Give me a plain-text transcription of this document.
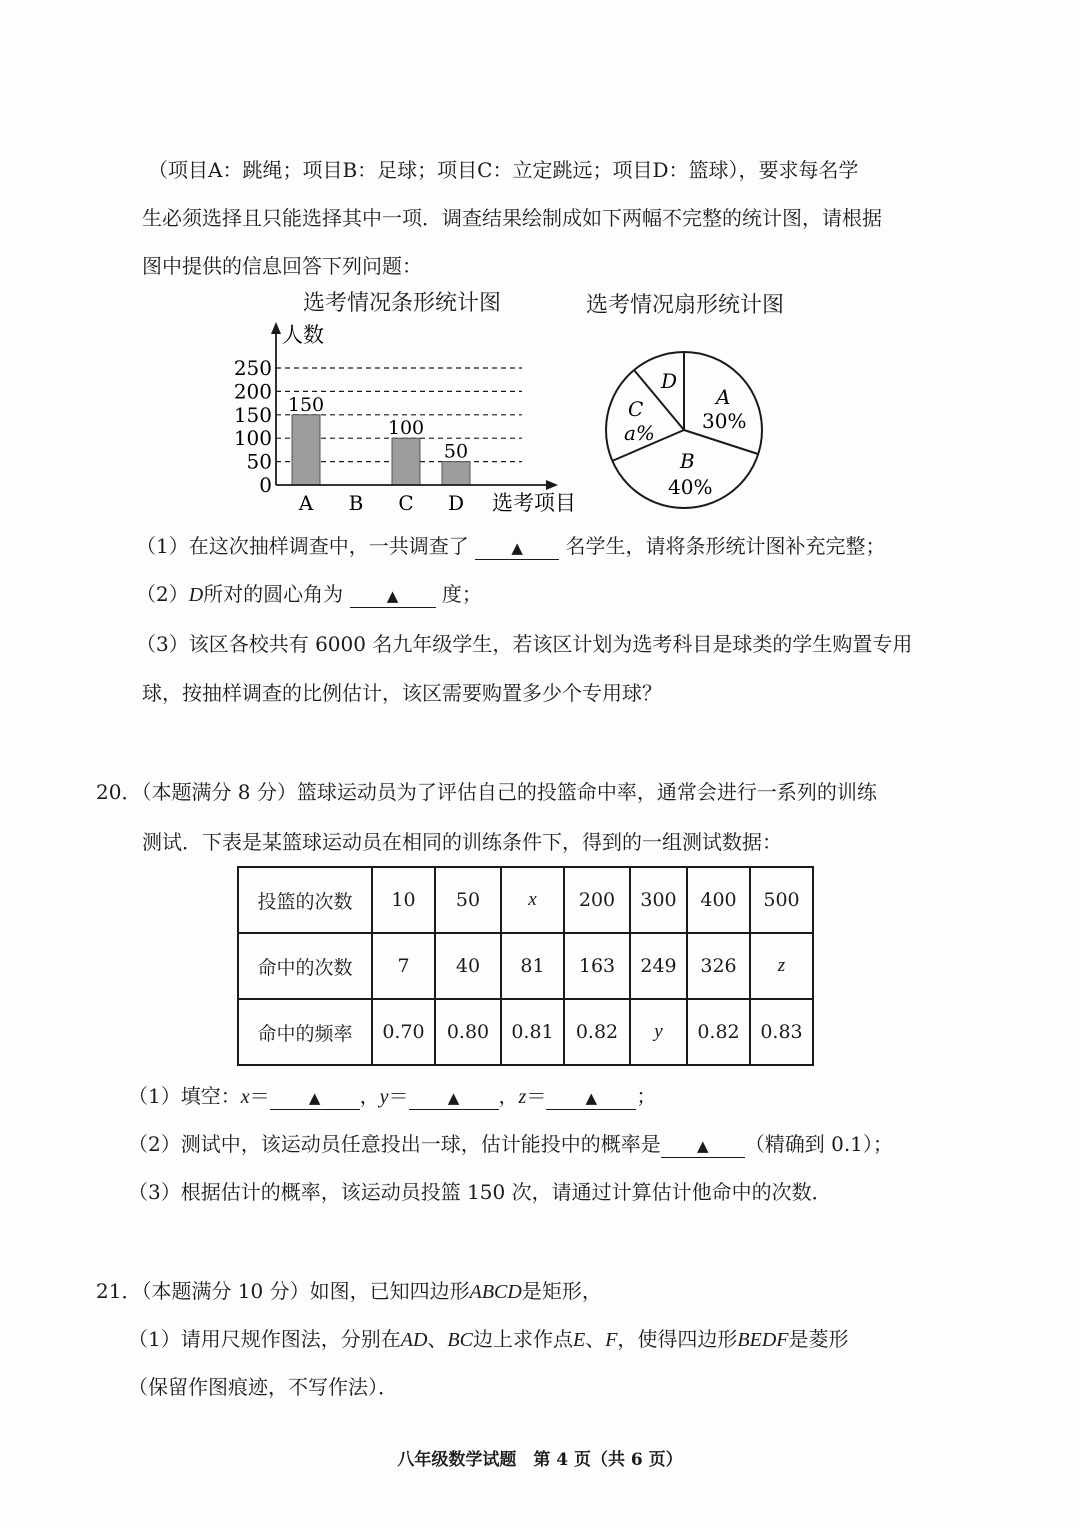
（项目A：跳绳；项目B：足球；项目C：立定跳远；项目D：篮球），要求每名学
生必须选择且只能选择其中一项．调查结果绘制成如下两幅不完整的统计图，请根据
图中提供的信息回答下列问题：
选考情况条形统计图	选考情况扇形统计图
0
50
100
150
200
250
A
150
B C
100
D
50
人数
选考项目
D
A
30%
C
a%
B
40%
（1）在这次抽样调查中，一共调查了	▲ 名学生，请将条形统计图补充完整；
（2）D所对的圆心角为	▲ 度；
（3）该区各校共有 6000 名九年级学生，若该区计划为选考科目是球类的学生购置专用
球，按抽样调查的比例估计，该区需要购置多少个专用球？
20．（本题满分 8 分）篮球运动员为了评估自己的投篮命中率，通常会进行一系列的训练
测试．下表是某篮球运动员在相同的训练条件下，得到的一组测试数据：
投篮的次数	10	50	x	200	300	400	500
命中的次数	7	40	81	163	249	326	z
命中的频率	0.70	0.80	0.81	0.82	y	0.82	0.83
（1）填空：x＝	▲ ，y＝	▲ ，z＝	▲ ；
（2）测试中，该运动员任意投出一球，估计能投中的概率是 ▲ （精确到 0.1）；
（3）根据估计的概率，该运动员投篮 150 次，请通过计算估计他命中的次数．
21．（本题满分 10 分）如图，已知四边形ABCD是矩形，
（1）请用尺规作图法，分别在AD、BC边上求作点E、F，使得四边形BEDF是菱形
（保留作图痕迹，不写作法）．
八年级数学试题　第 4 页（共 6 页）
